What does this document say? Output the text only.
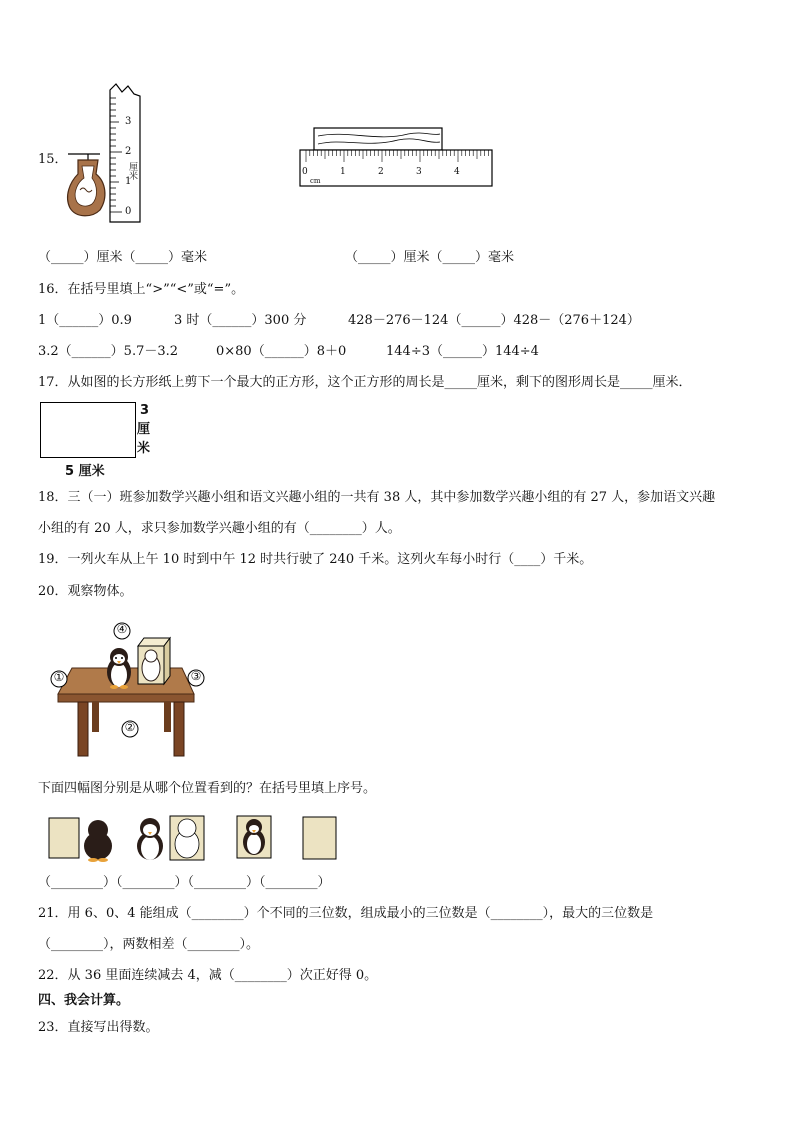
15．
0
1
2
3
厘米	0	1	2	3	4
cm
（_____）厘米（_____）毫米	（_____）厘米（_____）毫米
16．在括号里填上“>”“<”或“=”。
1（______）0.9	3 时（______）300 分	428－276－124（______）428－（276＋124）
3.2（______）5.7－3.2	0×80（______）8＋0	144÷3（______）144÷4
17．从如图的长方形纸上剪下一个最大的正方形，这个正方形的周长是_____厘米，剩下的图形周长是_____厘米．
3
厘
米
5 厘米
18．三（一）班参加数学兴趣小组和语文兴趣小组的一共有 38 人，其中参加数学兴趣小组的有 27 人，参加语文兴趣
小组的有 20 人，求只参加数学兴趣小组的有（________）人。
19．一列火车从上午 10 时到中午 12 时共行驶了 240 千米。这列火车每小时行（____）千米。
20．观察物体。
①
②
③
④
下面四幅图分别是从哪个位置看到的？在括号里填上序号。
（________）（________）（________）（________）
21．用 6、0、4 能组成（________）个不同的三位数，组成最小的三位数是（________），最大的三位数是
（________），两数相差（________）。
22．从 36 里面连续减去 4，减（________）次正好得 0。
四、我会计算。
23．直接写出得数。
